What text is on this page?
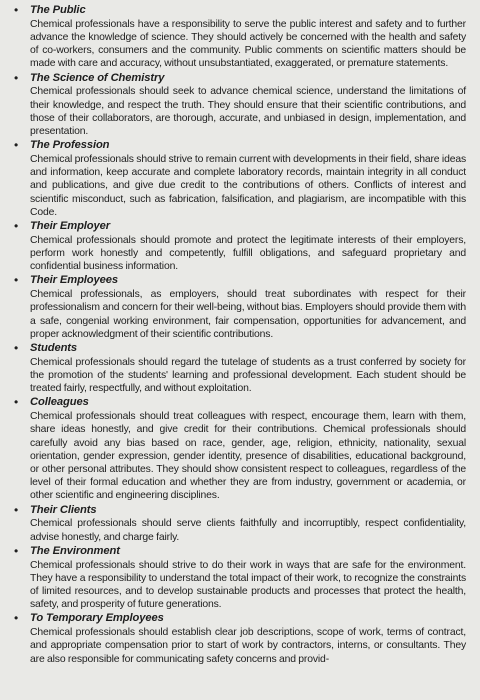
• The Public
Chemical professionals have a responsibility to serve the public interest and safety and to further advance the knowledge of science. They should actively be concerned with the health and safety of co-workers, consumers and the community. Public comments on scientific matters should be made with care and accuracy, without unsubstantiated, exaggerated, or premature statements.
• The Science of Chemistry
Chemical professionals should seek to advance chemical science, understand the limitations of their knowledge, and respect the truth. They should ensure that their scientific contributions, and those of their collaborators, are thorough, accurate, and unbiased in design, implementation, and presentation.
• The Profession
Chemical professionals should strive to remain current with developments in their field, share ideas and information, keep accurate and complete laboratory records, maintain integrity in all conduct and publications, and give due credit to the contributions of others. Conflicts of interest and scientific misconduct, such as fabrication, falsification, and plagiarism, are incompatible with this Code.
• Their Employer
Chemical professionals should promote and protect the legitimate interests of their employers, perform work honestly and competently, fulfill obligations, and safeguard proprietary and confidential business information.
• Their Employees
Chemical professionals, as employers, should treat subordinates with respect for their professionalism and concern for their well-being, without bias. Employers should provide them with a safe, congenial working environment, fair compensation, opportunities for advancement, and proper acknowledgment of their scientific contributions.
• Students
Chemical professionals should regard the tutelage of students as a trust conferred by society for the promotion of the students' learning and professional development. Each student should be treated fairly, respectfully, and without exploitation.
• Colleagues
Chemical professionals should treat colleagues with respect, encourage them, learn with them, share ideas honestly, and give credit for their contributions. Chemical professionals should carefully avoid any bias based on race, gender, age, religion, ethnicity, nationality, sexual orientation, gender expression, gender identity, presence of disabilities, educational background, or other personal attributes. They should show consistent respect to colleagues, regardless of the level of their formal education and whether they are from industry, government or academia, or other scientific and engineering disciplines.
• Their Clients
Chemical professionals should serve clients faithfully and incorruptibly, respect confidentiality, advise honestly, and charge fairly.
• The Environment
Chemical professionals should strive to do their work in ways that are safe for the environment. They have a responsibility to understand the total impact of their work, to recognize the constraints of limited resources, and to develop sustainable products and processes that protect the health, safety, and prosperity of future generations.
• To Temporary Employees
Chemical professionals should establish clear job descriptions, scope of work, terms of contract, and appropriate compensation prior to start of work by contractors, interns, or consultants. They are also responsible for communicating safety concerns and provid-
